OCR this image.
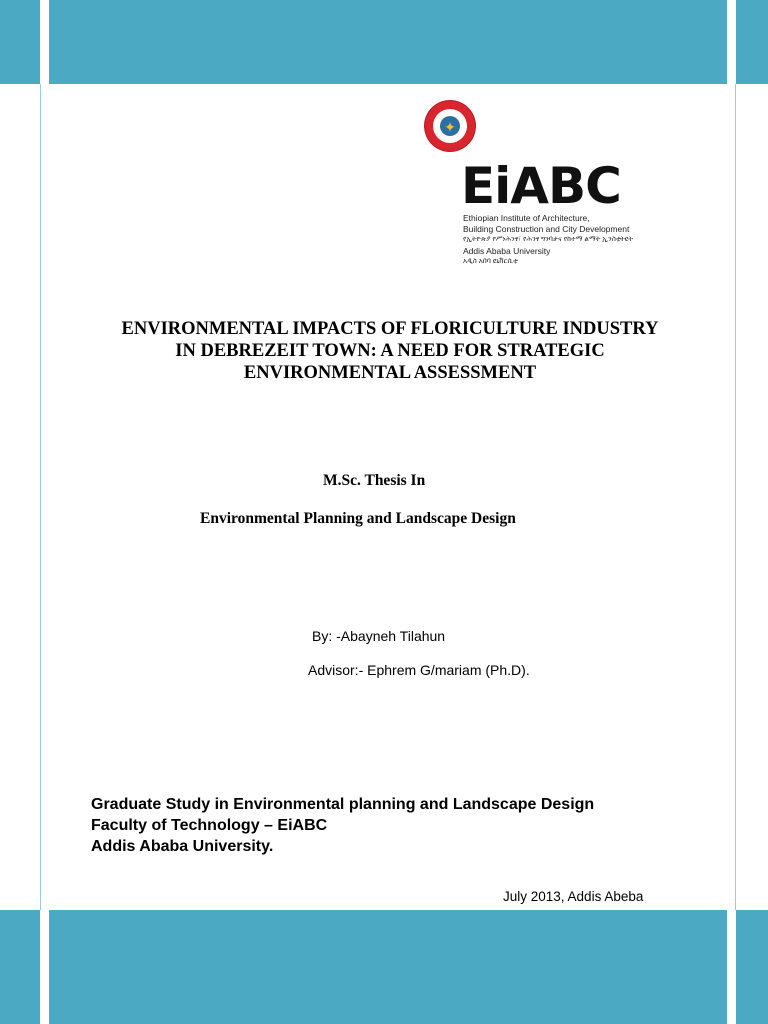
✦
EiABC
Ethiopian Institute of Architecture,
Building Construction and City Development
የኢትዮጵያ የሥነሕንፃ፣ የሕንፃ ግንባታና የከተማ ልማት ኢንስቲትዩት
Addis Ababa University
አዲስ አበባ ዩኒቨርሲቲ
ENVIRONMENTAL IMPACTS OF FLORICULTURE INDUSTRY
IN DEBREZEIT TOWN: A NEED FOR STRATEGIC
ENVIRONMENTAL ASSESSMENT
M.Sc. Thesis In
Environmental Planning and Landscape Design
By: -Abayneh Tilahun
Advisor:- Ephrem G/mariam (Ph.D).
Graduate Study in Environmental planning and Landscape Design
Faculty of Technology – EiABC
Addis Ababa University.
July 2013, Addis Abeba
